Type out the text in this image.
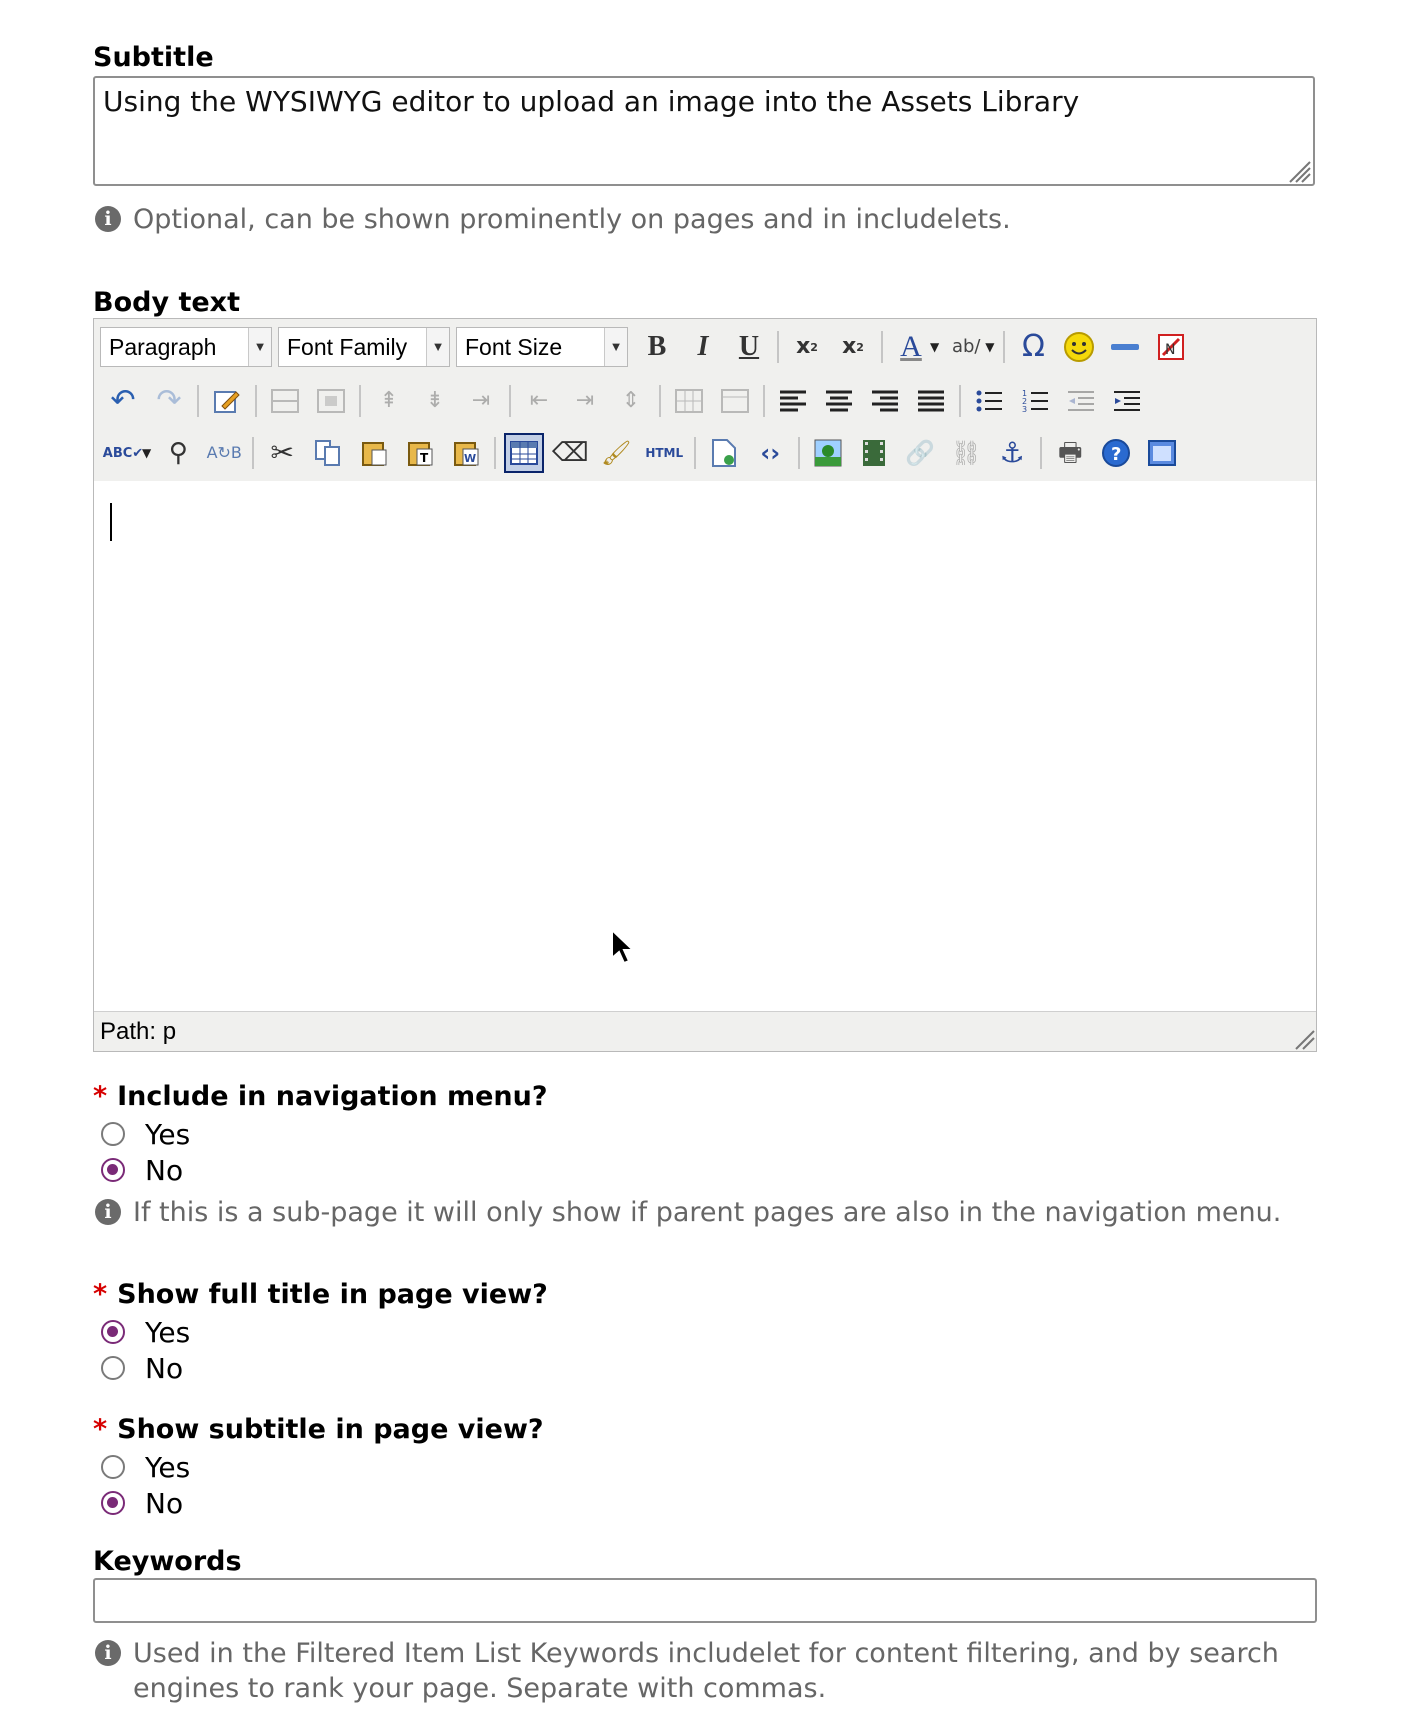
Subtitle
Using the WYSIWYG editor to upload an image into the Assets Library
i Optional, can be shown prominently on pages and in includelets.
Body text
Paragraph	▼ Font Family	▼ Font Size	▼ B	I	U	x 2	x 2	A ▼ ab/ ▼ Ω	N
↶ ↷	⇞	⇟	⇥	⇤	⇥	⇕	1
2
3
ABC✔
▼ ⚲	A↻B ✂	T	W	⌫ 🖌	HTML	‹›	🔗 ⛓ ⚓ 🖶	?
Path: p
* Include in navigation menu?
Yes
No
i If this is a sub-page it will only show if parent pages are also in the navigation menu.
* Show full title in page view?
Yes
No
* Show subtitle in page view?
Yes
No
Keywords
i Used in the Filtered Item List Keywords includelet for content filtering, and by search
engines to rank your page. Separate with commas.
